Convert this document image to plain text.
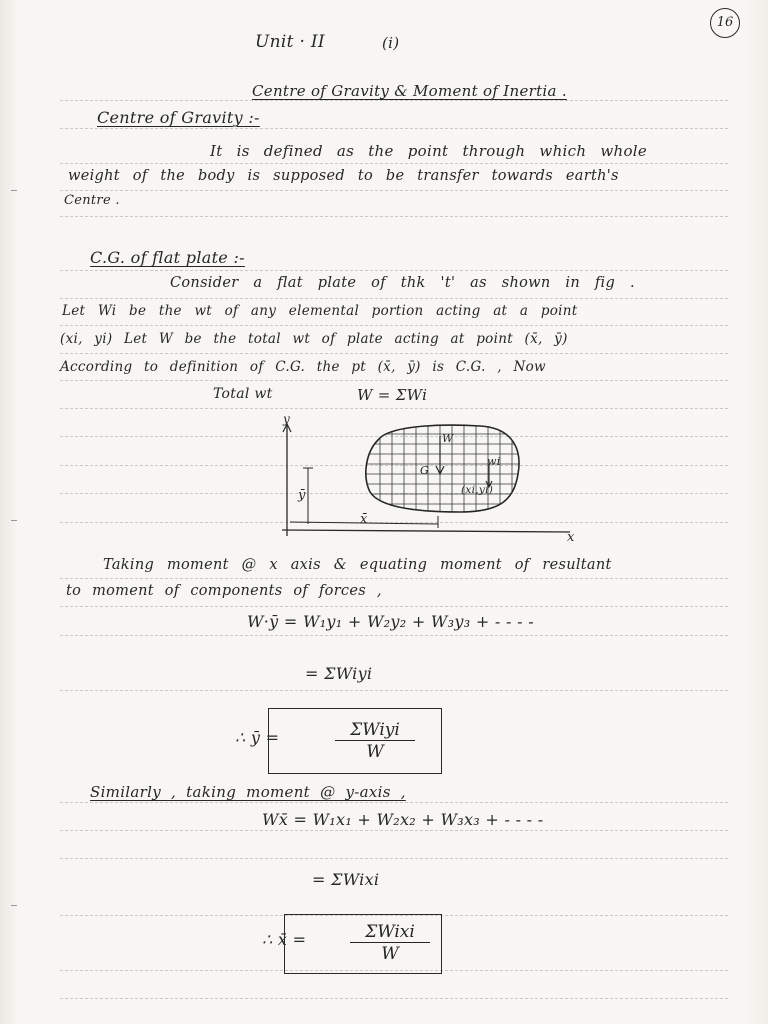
16
Unit · II	(i)
Centre of Gravity & Moment of Inertia .
Centre of Gravity :-
It is defined as the point through which whole
weight of the body is supposed to be transfer towards earth's
Centre .
C.G. of flat plate :-
Consider a flat plate of thk 't' as shown in fig .
Let Wi be the wt of any elemental portion acting at a point
(xi, yi) Let W be the total wt of plate acting at point (x̄, ȳ)
According to definition of C.G. the pt (x̄, ȳ) is C.G. , Now
Total wt	W = ΣWi
y
x
W
G
wi
(xi,yi)
ȳ
x̄
Taking moment @ x axis & equating moment of resultant
to moment of components of forces ,
W·ȳ = W₁y₁ + W₂y₂ + W₃y₃ + - - - -
= ΣWiyi
∴ ȳ =	ΣWiyi
W
Similarly , taking moment @ y-axis ,
Wx̄ = W₁x₁ + W₂x₂ + W₃x₃ + - - - -
= ΣWixi
∴ x̄ =	ΣWixi
W
